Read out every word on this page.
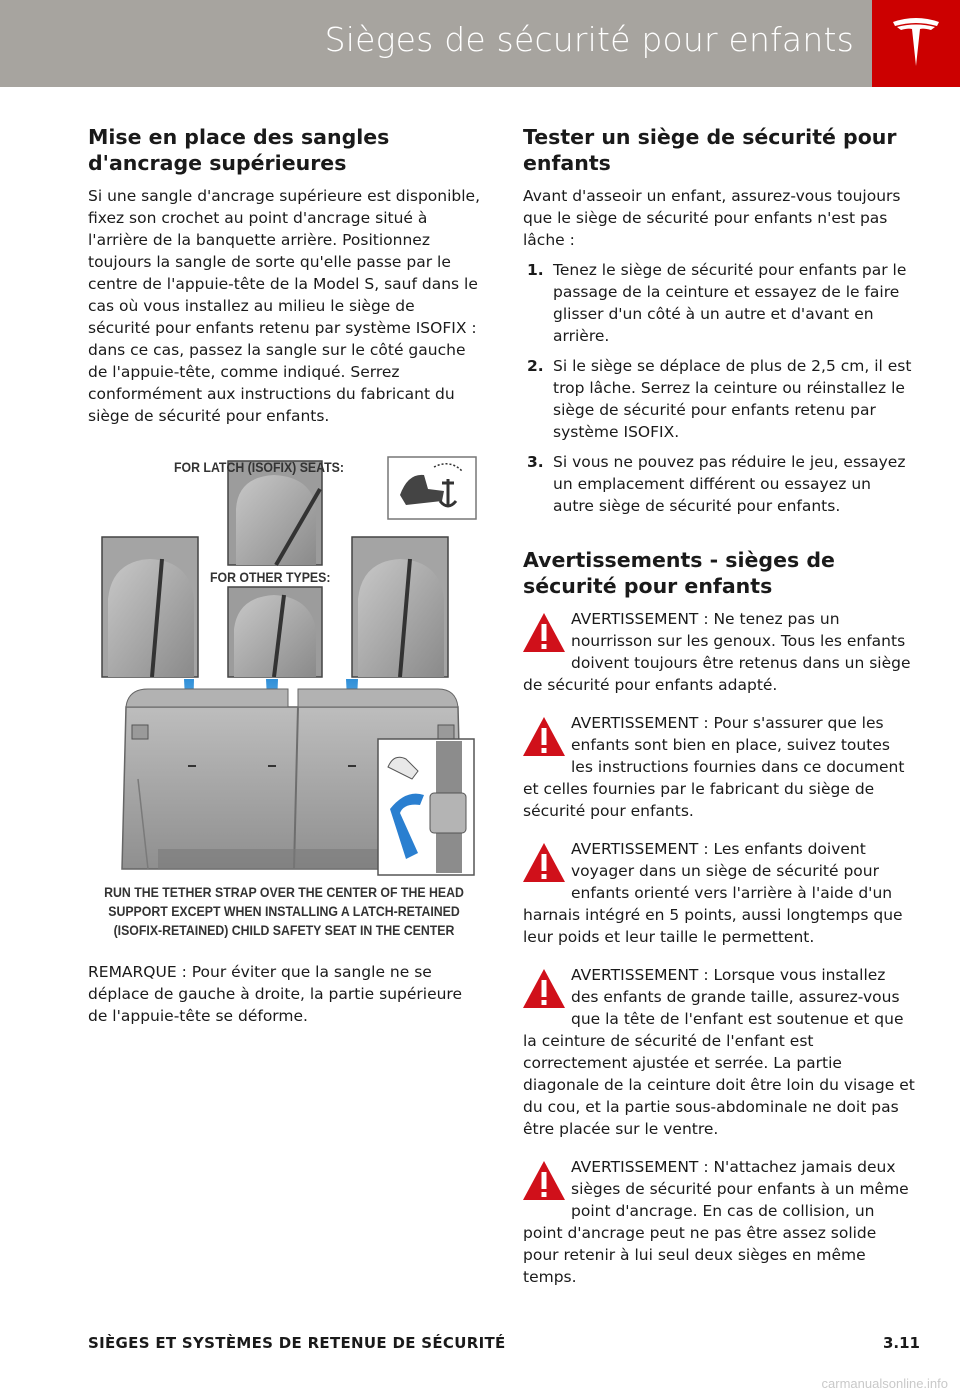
Sièges de sécurité pour enfants
Mise en place des sangles d'ancrage supérieures

Si une sangle d'ancrage supérieure est disponible, fixez son crochet au point d'ancrage situé à l'arrière de la banquette arrière. Positionnez toujours la sangle de sorte qu'elle passe par le centre de l'appuie-tête de la Model S, sauf dans le cas où vous installez au milieu le siège de sécurité pour enfants retenu par système ISOFIX : dans ce cas, passez la sangle sur le côté gauche de l'appuie-tête, comme indiqué. Serrez conformément aux instructions du fabricant du siège de sécurité pour enfants.

FOR LATCH (ISOFIX) SEATS:
FOR OTHER TYPES:
RUN THE TETHER STRAP OVER THE CENTER OF THE HEAD
SUPPORT EXCEPT WHEN INSTALLING A LATCH-RETAINED
(ISOFIX-RETAINED) CHILD SAFETY SEAT IN THE CENTER

REMARQUE : Pour éviter que la sangle ne se déplace de gauche à droite, la partie supérieure de l'appuie-tête se déforme.

Tester un siège de sécurité pour enfants

Avant d'asseoir un enfant, assurez-vous toujours que le siège de sécurité pour enfants n'est pas lâche :

1. Tenez le siège de sécurité pour enfants par le passage de la ceinture et essayez de le faire glisser d'un côté à un autre et d'avant en arrière.
2. Si le siège se déplace de plus de 2,5 cm, il est trop lâche. Serrez la ceinture ou réinstallez le siège de sécurité pour enfants retenu par système ISOFIX.
3. Si vous ne pouvez pas réduire le jeu, essayez un emplacement différent ou essayez un autre siège de sécurité pour enfants.
Avertissements - sièges de sécurité pour enfants

AVERTISSEMENT : Ne tenez pas un nourrisson sur les genoux. Tous les enfants doivent toujours être retenus dans un siège de sécurité pour enfants adapté.

AVERTISSEMENT : Pour s'assurer que les enfants sont bien en place, suivez toutes les instructions fournies dans ce document et celles fournies par le fabricant du siège de sécurité pour enfants.

AVERTISSEMENT : Les enfants doivent voyager dans un siège de sécurité pour enfants orienté vers l'arrière à l'aide d'un harnais intégré en 5 points, aussi longtemps que leur poids et leur taille le permettent.

AVERTISSEMENT : Lorsque vous installez des enfants de grande taille, assurez-vous que la tête de l'enfant est soutenue et que la ceinture de sécurité de l'enfant est correctement ajustée et serrée. La partie diagonale de la ceinture doit être loin du visage et du cou, et la partie sous-abdominale ne doit pas être placée sur le ventre.

AVERTISSEMENT : N'attachez jamais deux sièges de sécurité pour enfants à un même point d'ancrage. En cas de collision, un point d'ancrage peut ne pas être assez solide pour retenir à lui seul deux sièges en même temps.

SIÈGES ET SYSTÈMES DE RETENUE DE SÉCURITÉ	3.11
carmanualsonline.info
